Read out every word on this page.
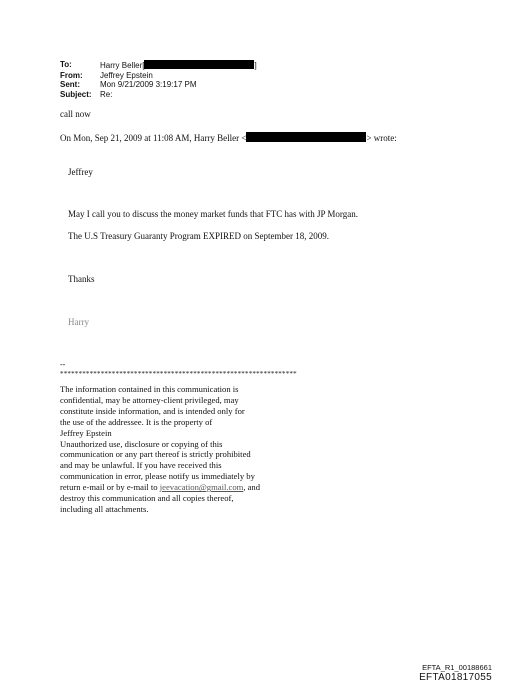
To:	Harry Beller[	]
From:	Jeffrey Epstein
Sent:	Mon 9/21/2009 3:19:17 PM
Subject:	Re:
call now
On Mon, Sep 21, 2009 at 11:08 AM, Harry Beller <	> wrote:
Jeffrey
May I call you to discuss the money market funds that FTC has with JP Morgan.
The U.S Treasury Guaranty Program EXPIRED on September 18, 2009.
Thanks
Harry
--
****************************************************************
The information contained in this communication is
confidential, may be attorney-client privileged, may
constitute inside information, and is intended only for
the use of the addressee. It is the property of
Jeffrey Epstein
Unauthorized use, disclosure or copying of this
communication or any part thereof is strictly prohibited
and may be unlawful. If you have received this
communication in error, please notify us immediately by
return e-mail or by e-mail to jeevacation@gmail.com, and
destroy this communication and all copies thereof,
including all attachments.
EFTA_R1_00188661
EFTA01817055
